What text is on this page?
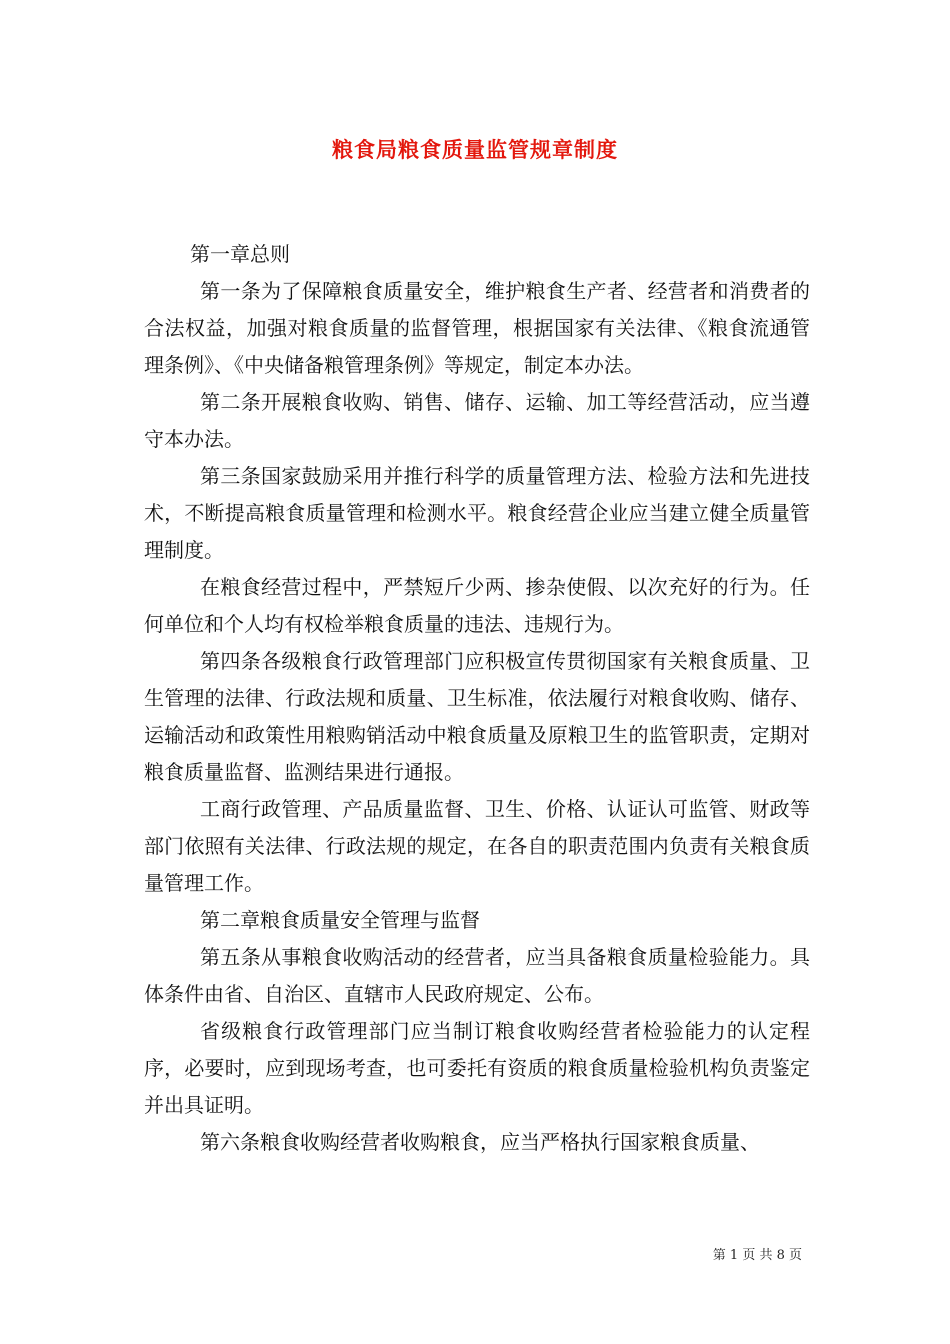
粮食局粮食质量监管规章制度

第一章总则

第一条为了保障粮食质量安全，维护粮食生产者、经营者和消费者的合法权益，加强对粮食质量的监督管理，根据国家有关法律、《粮食流通管理条例》、《中央储备粮管理条例》等规定，制定本办法。

第二条开展粮食收购、销售、储存、运输、加工等经营活动，应当遵守本办法。

第三条国家鼓励采用并推行科学的质量管理方法、检验方法和先进技术，不断提高粮食质量管理和检测水平。粮食经营企业应当建立健全质量管理制度。

在粮食经营过程中，严禁短斤少两、掺杂使假、以次充好的行为。任何单位和个人均有权检举粮食质量的违法、违规行为。

第四条各级粮食行政管理部门应积极宣传贯彻国家有关粮食质量、卫生管理的法律、行政法规和质量、卫生标准，依法履行对粮食收购、储存、运输活动和政策性用粮购销活动中粮食质量及原粮卫生的监管职责，定期对粮食质量监督、监测结果进行通报。

工商行政管理、产品质量监督、卫生、价格、认证认可监管、财政等部门依照有关法律、行政法规的规定，在各自的职责范围内负责有关粮食质量管理工作。

第二章粮食质量安全管理与监督

第五条从事粮食收购活动的经营者，应当具备粮食质量检验能力。具体条件由省、自治区、直辖市人民政府规定、公布。

省级粮食行政管理部门应当制订粮食收购经营者检验能力的认定程序，必要时，应到现场考查，也可委托有资质的粮食质量检验机构负责鉴定并出具证明。

第六条粮食收购经营者收购粮食，应当严格执行国家粮食质量、

第 1 页 共 8 页
